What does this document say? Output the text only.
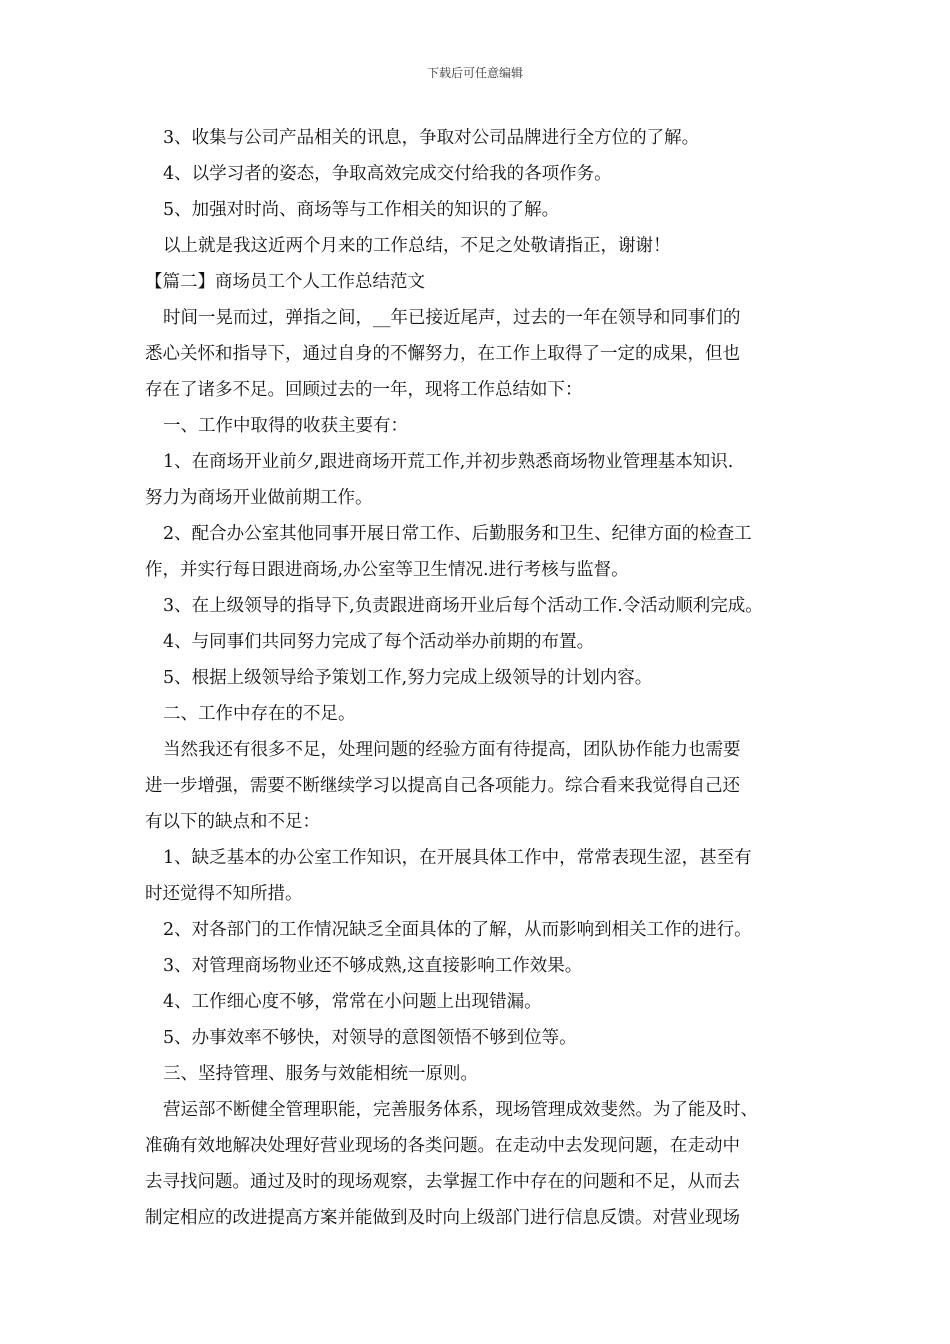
下载后可任意编辑
3、收集与公司产品相关的讯息，争取对公司品牌进行全方位的了解。
4、以学习者的姿态，争取高效完成交付给我的各项作务。
5、加强对时尚、商场等与工作相关的知识的了解。
以上就是我这近两个月来的工作总结，不足之处敬请指正，谢谢！
【篇二】商场员工个人工作总结范文
时间一晃而过，弹指之间，__年已接近尾声，过去的一年在领导和同事们的
悉心关怀和指导下，通过自身的不懈努力，在工作上取得了一定的成果，但也
存在了诸多不足。回顾过去的一年，现将工作总结如下：
一、工作中取得的收获主要有：
1、在商场开业前夕,跟进商场开荒工作,并初步熟悉商场物业管理基本知识.
努力为商场开业做前期工作。
2、配合办公室其他同事开展日常工作、后勤服务和卫生、纪律方面的检查工
作，并实行每日跟进商场,办公室等卫生情况.进行考核与监督。
3、在上级领导的指导下,负责跟进商场开业后每个活动工作.令活动顺利完成。
4、与同事们共同努力完成了每个活动举办前期的布置。
5、根据上级领导给予策划工作,努力完成上级领导的计划内容。
二、工作中存在的不足。
当然我还有很多不足，处理问题的经验方面有待提高，团队协作能力也需要
进一步增强，需要不断继续学习以提高自己各项能力。综合看来我觉得自己还
有以下的缺点和不足：
1、缺乏基本的办公室工作知识，在开展具体工作中，常常表现生涩，甚至有
时还觉得不知所措。
2、对各部门的工作情况缺乏全面具体的了解，从而影响到相关工作的进行。
3、对管理商场物业还不够成熟,这直接影响工作效果。
4、工作细心度不够，常常在小问题上出现错漏。
5、办事效率不够快，对领导的意图领悟不够到位等。
三、坚持管理、服务与效能相统一原则。
营运部不断健全管理职能，完善服务体系，现场管理成效斐然。为了能及时、
准确有效地解决处理好营业现场的各类问题。在走动中去发现问题，在走动中
去寻找问题。通过及时的现场观察，去掌握工作中存在的问题和不足，从而去
制定相应的改进提高方案并能做到及时向上级部门进行信息反馈。对营业现场
